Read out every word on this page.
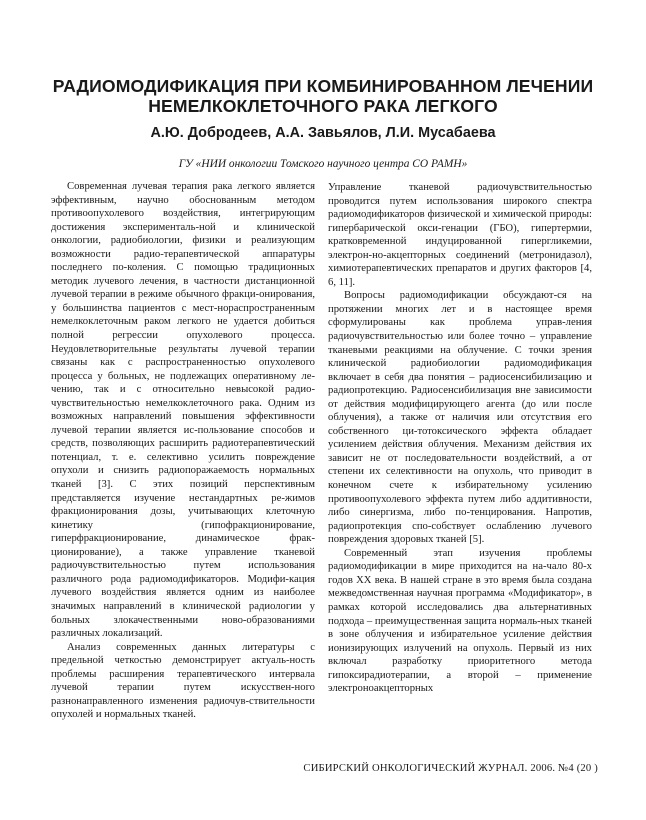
РАДИОМОДИФИКАЦИЯ ПРИ КОМБИНИРОВАННОМ ЛЕЧЕНИИ
НЕМЕЛКОКЛЕТОЧНОГО РАКА ЛЕГКОГО
А.Ю. Добродеев, А.А. Завьялов, Л.И. Мусабаева
ГУ «НИИ онкологии Томского научного центра СО РАМН»

Современная лучевая терапия рака легкого является эффективным, научно обоснованным методом противоопухолевого воздействия, интегрирующим достижения эксперименталь-ной и клинической онкологии, радиобиологии, физики и реализующим возможности радио-терапевтической аппаратуры последнего по-коления. С помощью традиционных методик лучевого лечения, в частности дистанционной лучевой терапии в режиме обычного фракци-онирования, у большинства пациентов с мест-нораспространенным немелкоклеточным раком легкого не удается добиться полной регрессии опухолевого процесса. Неудовлетворительные результаты лучевой терапии связаны как с распространенностью опухолевого процесса у больных, не подлежащих оперативному ле-чению, так и с относительно невысокой радио-чувствительностью немелкоклеточного рака. Одним из возможных направлений повышения эффективности лучевой терапии является ис-пользование способов и средств, позволяющих расширить радиотерапевтический потенциал, т. е. селективно усилить повреждение опухоли и снизить радиопоражаемость нормальных тканей [3]. С этих позиций перспективным представляется изучение нестандартных ре-жимов фракционирования дозы, учитывающих клеточную кинетику (гипофракционирование, гиперфракционирование, динамическое фрак-ционирование), а также управление тканевой радиочувствительностью путем использования различного рода радиомодификаторов. Модифи-кация лучевого воздействия является одним из наиболее значимых направлений в клинической радиологии у больных злокачественными ново-образованиями различных локализаций.

Анализ современных данных литературы с предельной четкостью демонстрирует актуаль-ность проблемы расширения терапевтического интервала лучевой терапии путем искусствен-ного разнонаправленного изменения радиочув-ствительности опухолей и нормальных тканей.

Управление тканевой радиочувствительностью проводится путем использования широкого спектра радиомодификаторов физической и химической природы: гипербарической окси-генации (ГБО), гипертермии, кратковременной индуцированной гипергликемии, электрон-но-акцепторных соединений (метронидазол), химиотерапевтических препаратов и других факторов [4, 6, 11].

Вопросы радиомодификации обсуждают-ся на протяжении многих лет и в настоящее время сформулированы как проблема управ-ления радиочувствительностью или более точно – управление тканевыми реакциями на облучение. С точки зрения клинической радиобиологии радиомодификация включает в себя два понятия – радиосенсибилизацию и радиопротекцию. Радиосенсибилизация вне зависимости от действия модифицирующего агента (до или после облучения), а также от наличия или отсутствия его собственного ци-тотоксического эффекта обладает усилением действия облучения. Механизм действия их зависит не от последовательности воздействий, а от степени их селективности на опухоль, что приводит в конечном счете к избирательному усилению противоопухолевого эффекта путем либо аддитивности, либо синергизма, либо по-тенцирования. Напротив, радиопротекция спо-собствует ослаблению лучевого повреждения здоровых тканей [5].

Современный этап изучения проблемы радиомодификации в мире приходится на на-чало 80-х годов XX века. В нашей стране в это время была создана межведомственная научная программа «Модификатор», в рамках которой исследовались два альтернативных подхода – преимущественная защита нормаль-ных тканей в зоне облучения и избирательное усиление действия ионизирующих излучений на опухоль. Первый из них включал разработку приоритетного метода гипоксирадиотерапии, а второй – применение электроноакцепторных

СИБИРСКИЙ ОНКОЛОГИЧЕСКИЙ ЖУРНАЛ. 2006. №4 (20 )
